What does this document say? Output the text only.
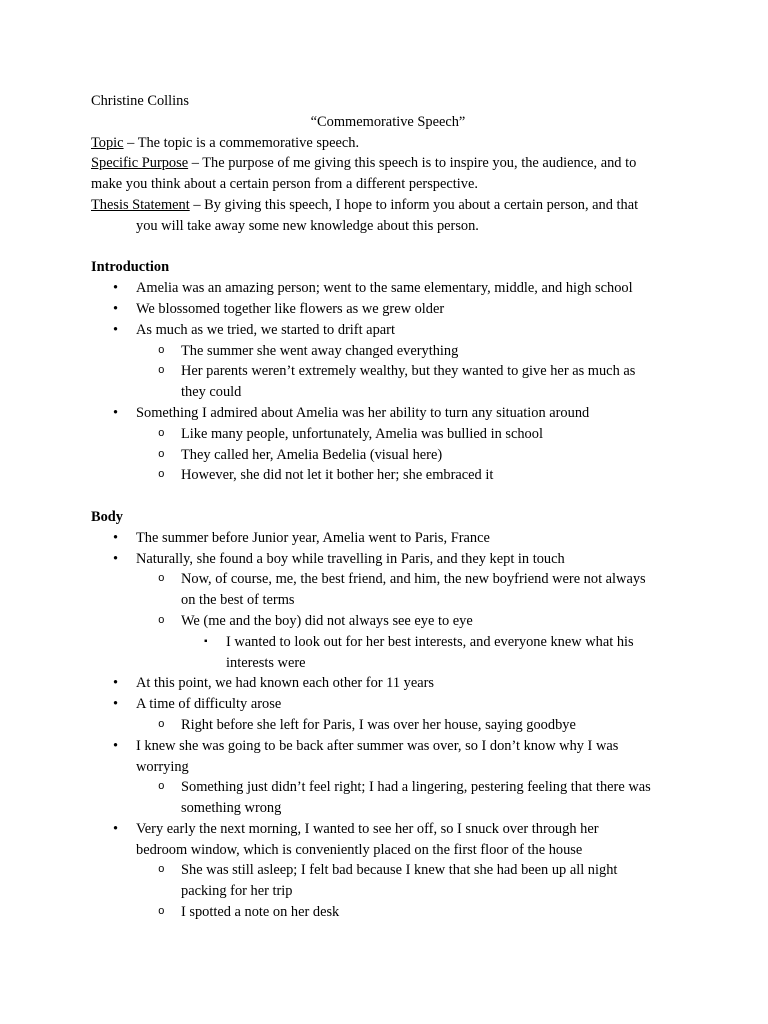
Christine Collins
“Commemorative Speech”
Topic – The topic is a commemorative speech.
Specific Purpose – The purpose of me giving this speech is to inspire you, the audience, and to
make you think about a certain person from a different perspective.
Thesis Statement – By giving this speech, I hope to inform you about a certain person, and that
you will take away some new knowledge about this person.
Introduction
• Amelia was an amazing person; went to the same elementary, middle, and high school
• We blossomed together like flowers as we grew older
• As much as we tried, we started to drift apart
o The summer she went away changed everything
o Her parents weren’t extremely wealthy, but they wanted to give her as much as
they could
• Something I admired about Amelia was her ability to turn any situation around
o Like many people, unfortunately, Amelia was bullied in school
o They called her, Amelia Bedelia (visual here)
o However, she did not let it bother her; she embraced it
Body
• The summer before Junior year, Amelia went to Paris, France
• Naturally, she found a boy while travelling in Paris, and they kept in touch
o Now, of course, me, the best friend, and him, the new boyfriend were not always
on the best of terms
o We (me and the boy) did not always see eye to eye
▪ I wanted to look out for her best interests, and everyone knew what his
interests were
• At this point, we had known each other for 11 years
• A time of difficulty arose
o Right before she left for Paris, I was over her house, saying goodbye
• I knew she was going to be back after summer was over, so I don’t know why I was
worrying
o Something just didn’t feel right; I had a lingering, pestering feeling that there was
something wrong
• Very early the next morning, I wanted to see her off, so I snuck over through her
bedroom window, which is conveniently placed on the first floor of the house
o She was still asleep; I felt bad because I knew that she had been up all night
packing for her trip
o I spotted a note on her desk
